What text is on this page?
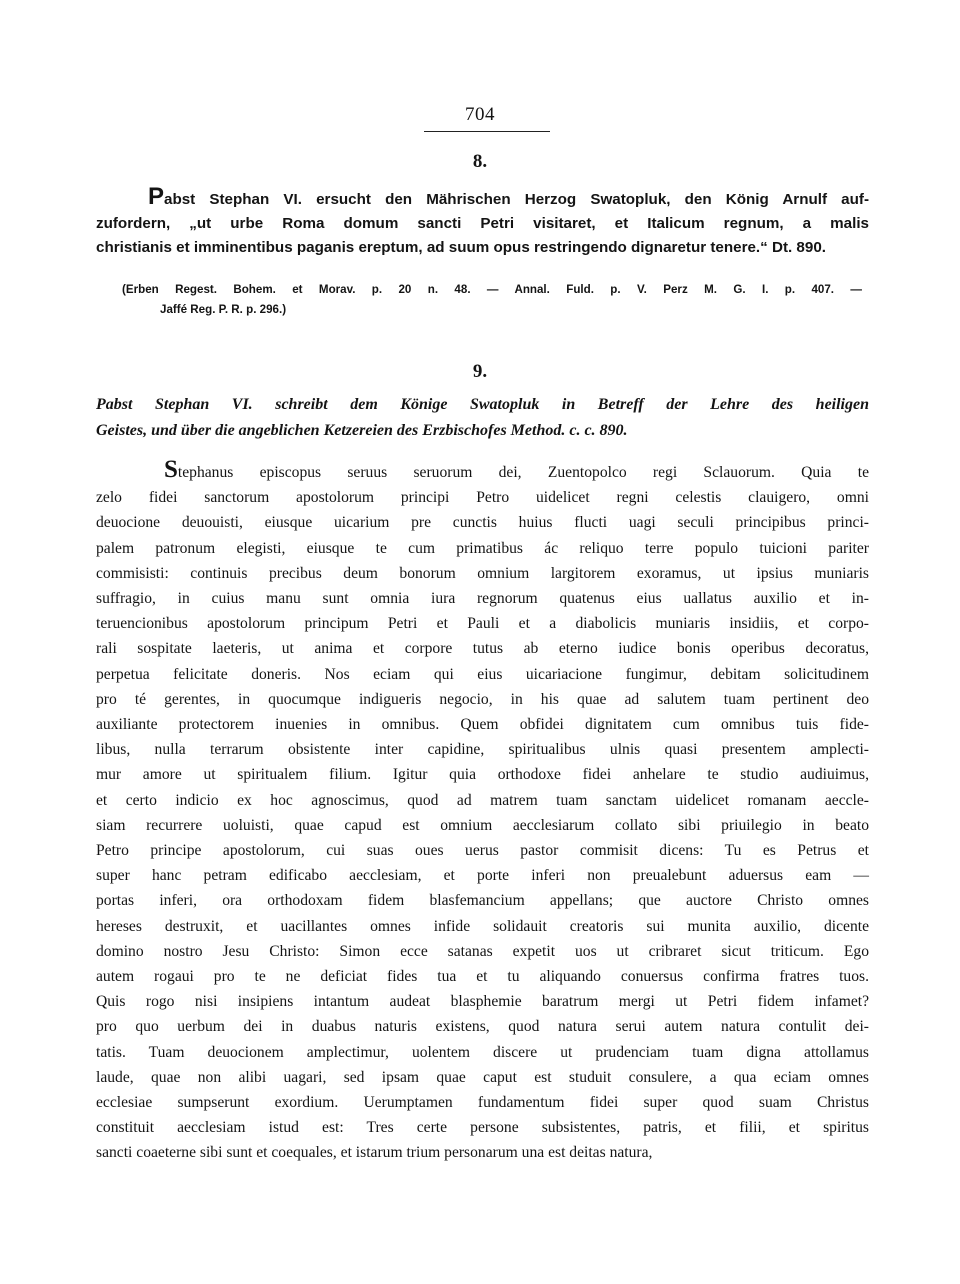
704
8.
Pabst Stephan VI. ersucht den Mährischen Herzog Swatopluk, den König Arnulf auf-
zufordern, „ut urbe Roma domum sancti Petri visitaret, et Italicum regnum, a malis
christianis et imminentibus paganis ereptum, ad suum opus restringendo dignaretur tenere.“ Dt. 890.
(Erben Regest. Bohem. et Morav. p. 20 n. 48. — Annal. Fuld. p. V. Perz M. G. I. p. 407. —
Jaffé Reg. P. R. p. 296.)
9.
Pabst Stephan VI. schreibt dem Könige Swatopluk in Betreff der Lehre des heiligen
Geistes, und über die angeblichen Ketzereien des Erzbischofes Method. c. c. 890.
Stephanus episcopus seruus seruorum dei, Zuentopolco regi Sclauorum. Quia te
zelo fidei sanctorum apostolorum principi Petro uidelicet regni celestis clauigero, omni
deuocione deuouisti, eiusque uicarium pre cunctis huius flucti uagi seculi principibus princi-
palem patronum elegisti, eiusque te cum primatibus ác reliquo terre populo tuicioni pariter
commisisti: continuis precibus deum bonorum omnium largitorem exoramus, ut ipsius muniaris
suffragio, in cuius manu sunt omnia iura regnorum quatenus eius uallatus auxilio et in-
teruencionibus apostolorum principum Petri et Pauli et a diabolicis muniaris insidiis, et corpo-
rali sospitate laeteris, ut anima et corpore tutus ab eterno iudice bonis operibus decoratus,
perpetua felicitate doneris. Nos eciam qui eius uicariacione fungimur, debitam solicitudinem
pro té gerentes, in quocumque indigueris negocio, in his quae ad salutem tuam pertinent deo
auxiliante protectorem inuenies in omnibus. Quem obfidei dignitatem cum omnibus tuis fide-
libus, nulla terrarum obsistente inter capidine, spiritualibus ulnis quasi presentem amplecti-
mur amore ut spiritualem filium. Igitur quia orthodoxe fidei anhelare te studio audiuimus,
et certo indicio ex hoc agnoscimus, quod ad matrem tuam sanctam uidelicet romanam aeccle-
siam recurrere uoluisti, quae capud est omnium aecclesiarum collato sibi priuilegio in beato
Petro principe apostolorum, cui suas oues uerus pastor commisit dicens: Tu es Petrus et
super hanc petram edificabo aecclesiam, et porte inferi non preualebunt aduersus eam —
portas inferi, ora orthodoxam fidem blasfemancium appellans; que auctore Christo omnes
hereses destruxit, et uacillantes omnes infide solidauit creatoris sui munita auxilio, dicente
domino nostro Jesu Christo: Simon ecce satanas expetit uos ut cribraret sicut triticum. Ego
autem rogaui pro te ne deficiat fides tua et tu aliquando conuersus confirma fratres tuos.
Quis rogo nisi insipiens intantum audeat blasphemie baratrum mergi ut Petri fidem infamet?
pro quo uerbum dei in duabus naturis existens, quod natura serui autem natura contulit dei-
tatis. Tuam deuocionem amplectimur, uolentem discere ut prudenciam tuam digna attollamus
laude, quae non alibi uagari, sed ipsam quae caput est studuit consulere, a qua eciam omnes
ecclesiae sumpserunt exordium. Uerumptamen fundamentum fidei super quod suam Christus
constituit aecclesiam istud est: Tres certe persone subsistentes, patris, et filii, et spiritus
sancti coaeterne sibi sunt et coequales, et istarum trium personarum una est deitas natura,
